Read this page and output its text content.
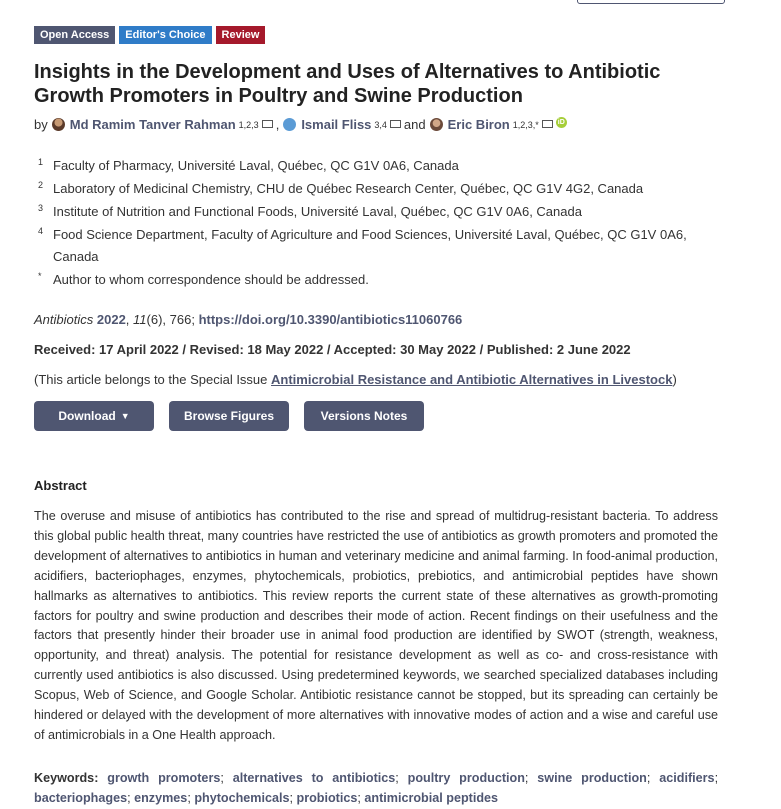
Open Access	Editor's Choice	Review
Insights in the Development and Uses of Alternatives to Antibiotic Growth Promoters in Poultry and Swine Production
by Md Ramim Tanver Rahman 1,2,3 , Ismail Fliss 3,4 and Eric Biron 1,2,3,*	iD
1 Faculty of Pharmacy, Université Laval, Québec, QC G1V 0A6, Canada
2 Laboratory of Medicinal Chemistry, CHU de Québec Research Center, Québec, QC G1V 4G2, Canada
3 Institute of Nutrition and Functional Foods, Université Laval, Québec, QC G1V 0A6, Canada
4 Food Science Department, Faculty of Agriculture and Food Sciences, Université Laval, Québec, QC G1V 0A6, Canada
* Author to whom correspondence should be addressed.
Antibiotics 2022, 11(6), 766; https://doi.org/10.3390/antibiotics11060766
Received: 17 April 2022 / Revised: 18 May 2022 / Accepted: 30 May 2022 / Published: 2 June 2022
(This article belongs to the Special Issue Antimicrobial Resistance and Antibiotic Alternatives in Livestock)
Download ▼	Browse Figures	Versions Notes
Abstract

The overuse and misuse of antibiotics has contributed to the rise and spread of multidrug-resistant bacteria. To address this global public health threat, many countries have restricted the use of antibiotics as growth promoters and promoted the development of alternatives to antibiotics in human and veterinary medicine and animal farming. In food-animal production, acidifiers, bacteriophages, enzymes, phytochemicals, probiotics, prebiotics, and antimicrobial peptides have shown hallmarks as alternatives to antibiotics. This review reports the current state of these alternatives as growth-promoting factors for poultry and swine production and describes their mode of action. Recent findings on their usefulness and the factors that presently hinder their broader use in animal food production are identified by SWOT (strength, weakness, opportunity, and threat) analysis. The potential for resistance development as well as co- and cross-resistance with currently used antibiotics is also discussed. Using predetermined keywords, we searched specialized databases including Scopus, Web of Science, and Google Scholar. Antibiotic resistance cannot be stopped, but its spreading can certainly be hindered or delayed with the development of more alternatives with innovative modes of action and a wise and careful use of antimicrobials in a One Health approach.

Keywords: growth promoters; alternatives to antibiotics; poultry production; swine production; acidifiers; bacteriophages; enzymes; phytochemicals; probiotics; antimicrobial peptides
